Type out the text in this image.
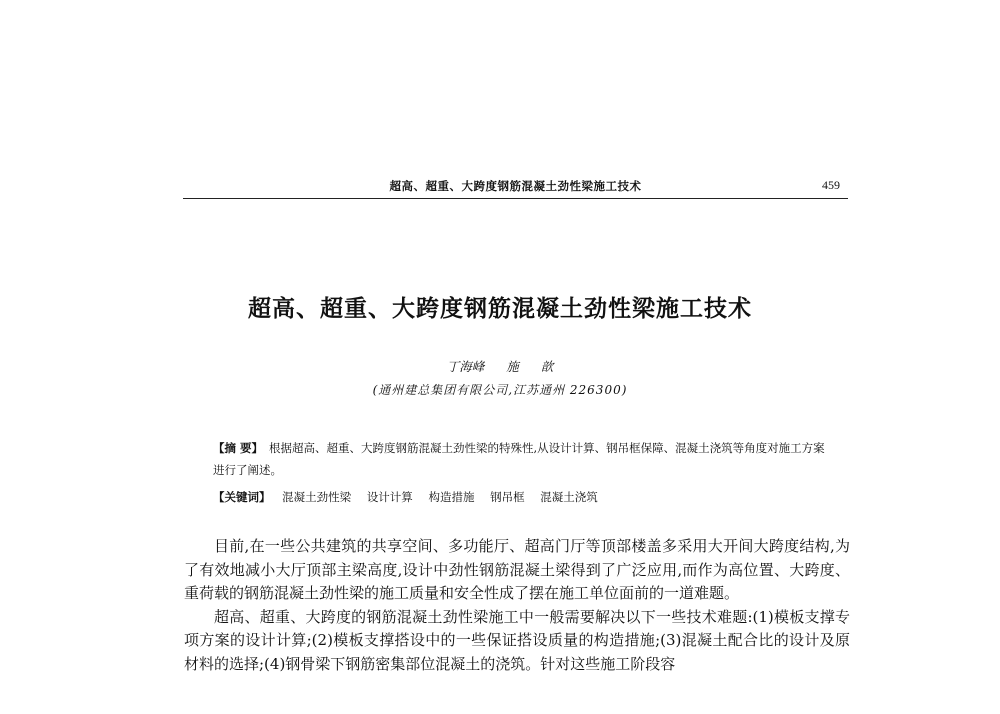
超高、超重、大跨度钢筋混凝土劲性梁施工技术	459
超高、超重、大跨度钢筋混凝土劲性梁施工技术
丁海峰 施 歆
(通州建总集团有限公司,江苏通州 226300)

【摘 要】 根据超高、超重、大跨度钢筋混凝土劲性梁的特殊性,从设计计算、钢吊框保障、混凝土浇筑等角度对施工方案进行了阐述。

【关键词】 混凝土劲性梁 设计计算 构造措施 钢吊框 混凝土浇筑

目前,在一些公共建筑的共享空间、多功能厅、超高门厅等顶部楼盖多采用大开间大跨度结构,为了有效地减小大厅顶部主梁高度,设计中劲性钢筋混凝土梁得到了广泛应用,而作为高位置、大跨度、重荷载的钢筋混凝土劲性梁的施工质量和安全性成了摆在施工单位面前的一道难题。

超高、超重、大跨度的钢筋混凝土劲性梁施工中一般需要解决以下一些技术难题:(1)模板支撑专项方案的设计计算;(2)模板支撑搭设中的一些保证搭设质量的构造措施;(3)混凝土配合比的设计及原材料的选择;(4)钢骨梁下钢筋密集部位混凝土的浇筑。针对这些施工阶段容
